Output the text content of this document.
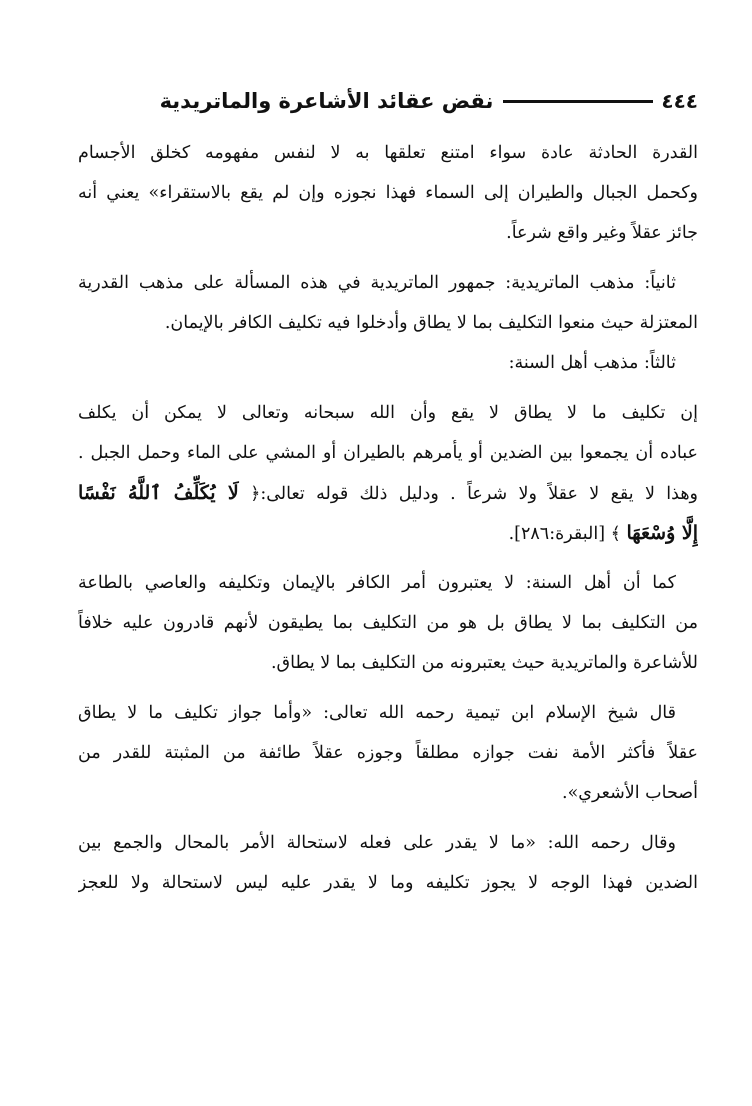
٤٤٤
نقض عقائد الأشاعرة والماتريدية
القدرة الحادثة عادة سواء امتنع تعلقها به لا لنفس مفهومه كخلق الأجسام
وكحمل الجبال والطيران إلى السماء فهذا نجوزه وإن لم يقع بالاستقراء» يعني أنه
جائز عقلاً وغير واقع شرعاً.
ثانياً: مذهب الماتريدية: جمهور الماتريدية في هذه المسألة على مذهب القدرية
المعتزلة حيث منعوا التكليف بما لا يطاق وأدخلوا فيه تكليف الكافر بالإيمان.
ثالثاً: مذهب أهل السنة:
إن تكليف ما لا يطاق لا يقع وأن الله سبحانه وتعالى لا يمكن أن يكلف
عباده أن يجمعوا بين الضدين أو يأمرهم بالطيران أو المشي على الماء وحمل الجبل .
وهذا لا يقع لا عقلاً ولا شرعاً . ودليل ذلك قوله تعالى:﴿ لَا يُكَلِّفُ ٱللَّهُ نَفْسًا
إِلَّا وُسْعَهَا ﴾ [البقرة:٢٨٦].
كما أن أهل السنة: لا يعتبرون أمر الكافر بالإيمان وتكليفه والعاصي بالطاعة
من التكليف بما لا يطاق بل هو من التكليف بما يطيقون لأنهم قادرون عليه خلافاً
للأشاعرة والماتريدية حيث يعتبرونه من التكليف بما لا يطاق.
قال شيخ الإسلام ابن تيمية رحمه الله تعالى: «وأما جواز تكليف ما لا يطاق
عقلاً فأكثر الأمة نفت جوازه مطلقاً وجوزه عقلاً طائفة من المثبتة للقدر من
أصحاب الأشعري».
وقال رحمه الله: «ما لا يقدر على فعله لاستحالة الأمر بالمحال والجمع بين
الضدين فهذا الوجه لا يجوز تكليفه وما لا يقدر عليه ليس لاستحالة ولا للعجز
